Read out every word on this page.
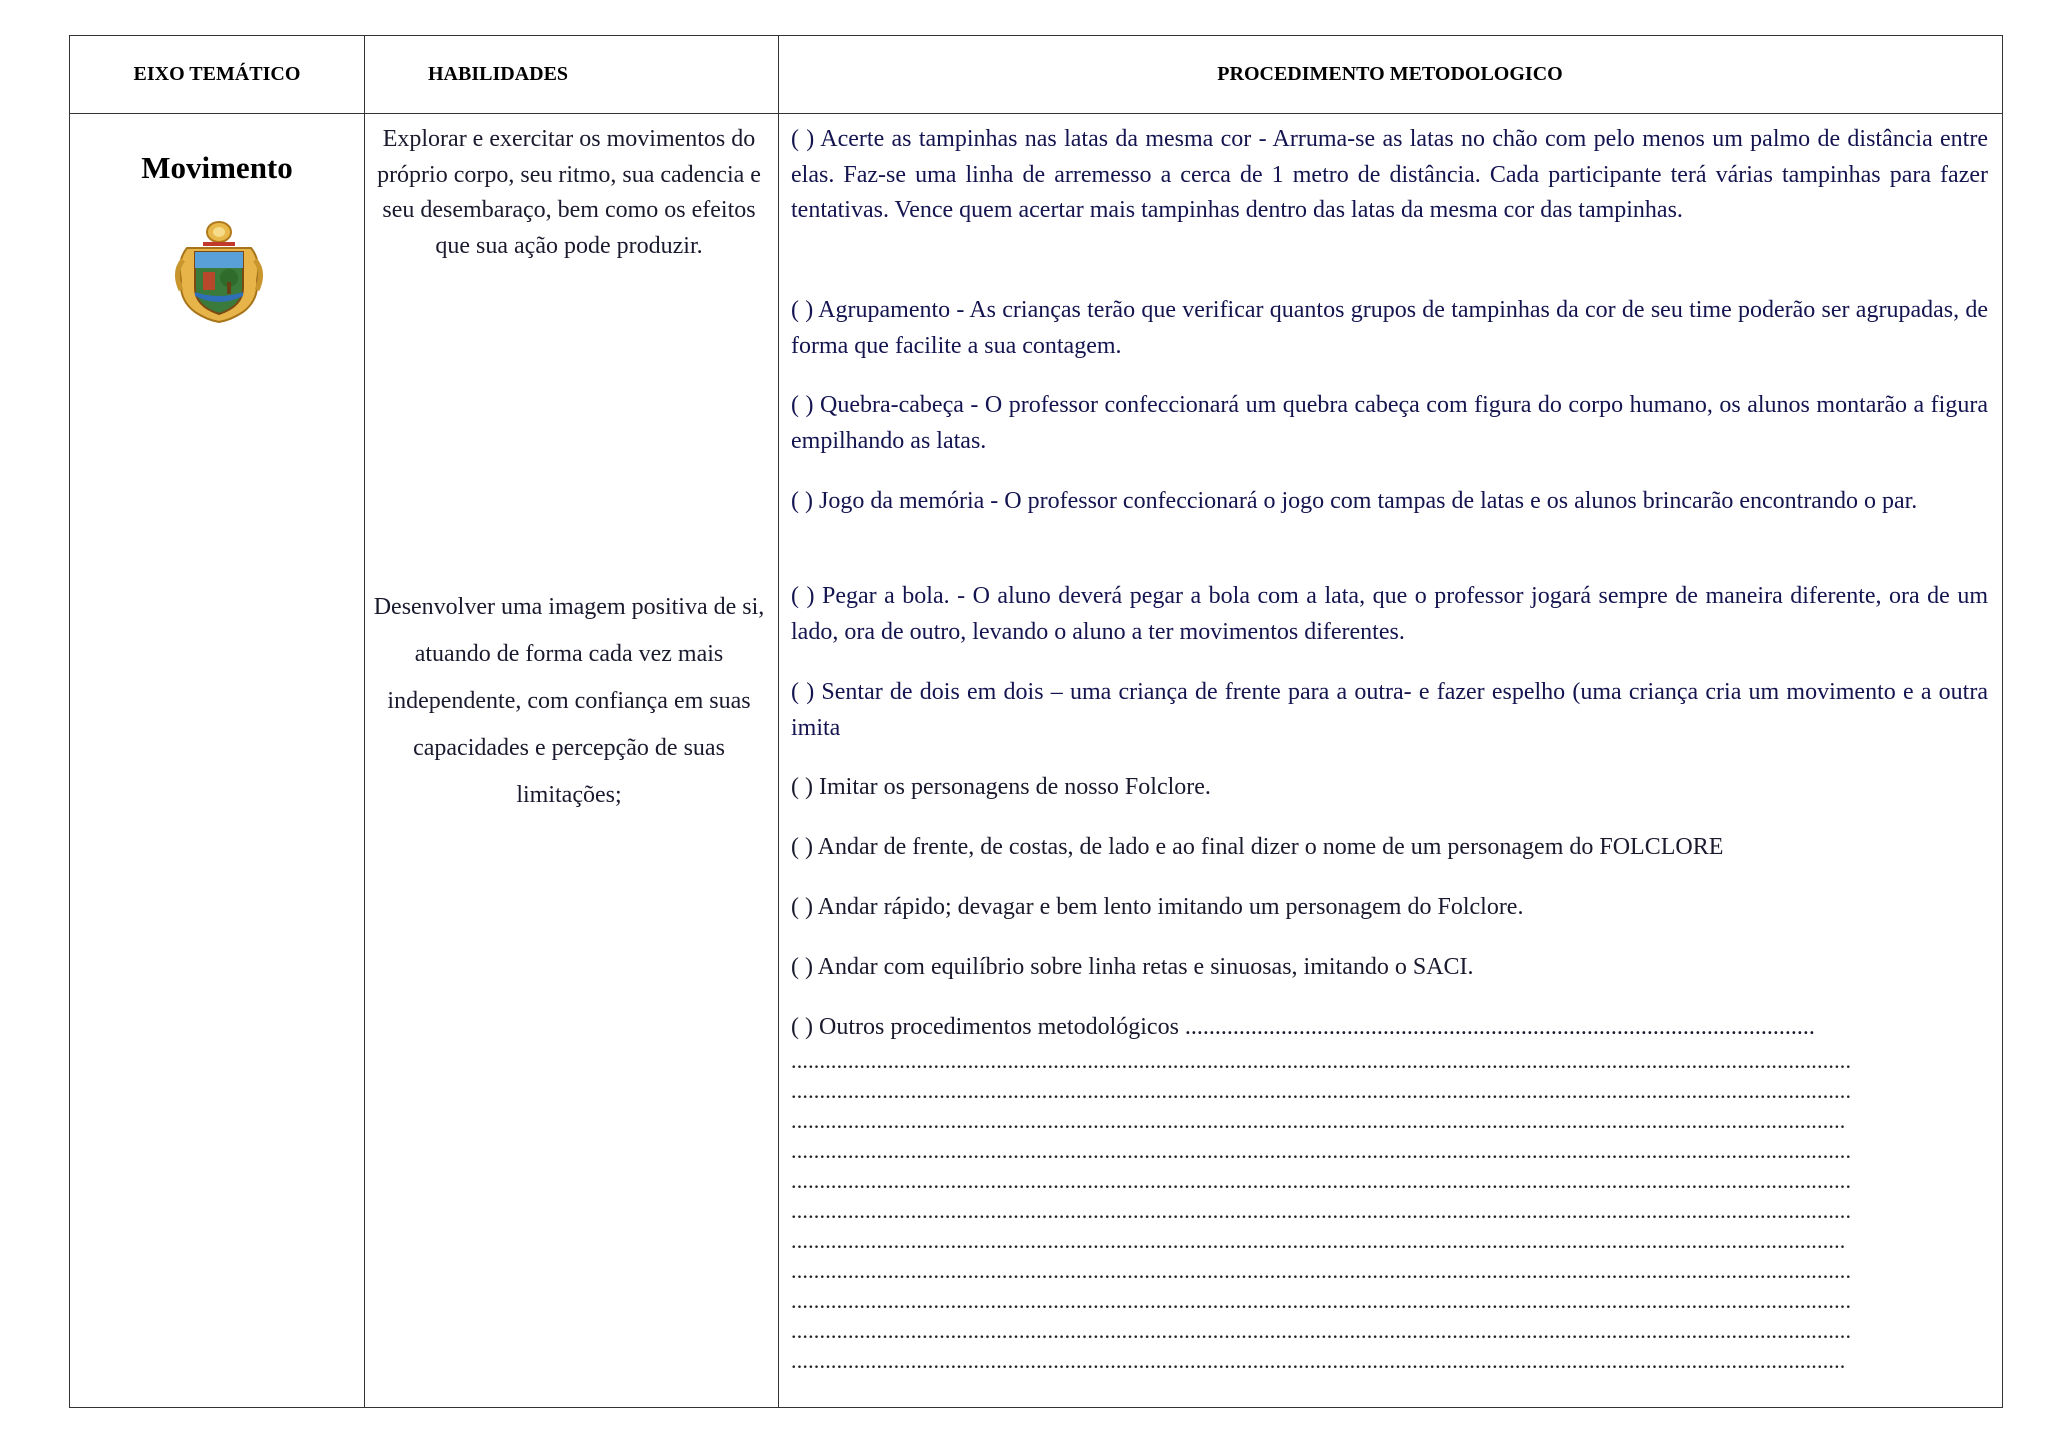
EIXO TEMÁTICO	HABILIDADES	PROCEDIMENTO METODOLOGICO
Movimento
Explorar e exercitar os movimentos do próprio corpo, seu ritmo, sua cadencia e seu desembaraço, bem como os efeitos que sua ação pode produzir.
Desenvolver uma imagem positiva de si, atuando de forma cada vez mais independente, com confiança em suas capacidades e percepção de suas limitações;
( ) Acerte as tampinhas nas latas da mesma cor - Arruma-se as latas no chão com pelo menos um palmo de distância entre elas. Faz-se uma linha de arremesso a cerca de 1 metro de distância. Cada participante terá várias tampinhas para fazer tentativas. Vence quem acertar mais tampinhas dentro das latas da mesma cor das tampinhas.
( ) Agrupamento - As crianças terão que verificar quantos grupos de tampinhas da cor de seu time poderão ser agrupadas, de forma que facilite a sua contagem.
( ) Quebra-cabeça - O professor confeccionará um quebra cabeça com figura do corpo humano, os alunos montarão a figura empilhando as latas.
( ) Jogo da memória - O professor confeccionará o jogo com tampas de latas e os alunos brincarão encontrando o par.
( ) Pegar a bola. - O aluno deverá pegar a bola com a lata, que o professor jogará sempre de maneira diferente, ora de um lado, ora de outro, levando o aluno a ter movimentos diferentes.
( ) Sentar de dois em dois – uma criança de frente para a outra- e fazer espelho (uma criança cria um movimento e a outra imita
( ) Imitar os personagens de nosso Folclore.
( ) Andar de frente, de costas, de lado e ao final dizer o nome de um personagem do FOLCLORE
( ) Andar rápido; devagar e bem lento imitando um personagem do Folclore.
( ) Andar com equilíbrio sobre linha retas e sinuosas, imitando o SACI.
( ) Outros procedimentos metodológicos .........................................................................................................
..........................................................................................................................................................................................
..........................................................................................................................................................................................
.........................................................................................................................................................................................
..........................................................................................................................................................................................
..........................................................................................................................................................................................
..........................................................................................................................................................................................
.........................................................................................................................................................................................
..........................................................................................................................................................................................
..........................................................................................................................................................................................
..........................................................................................................................................................................................
.........................................................................................................................................................................................
